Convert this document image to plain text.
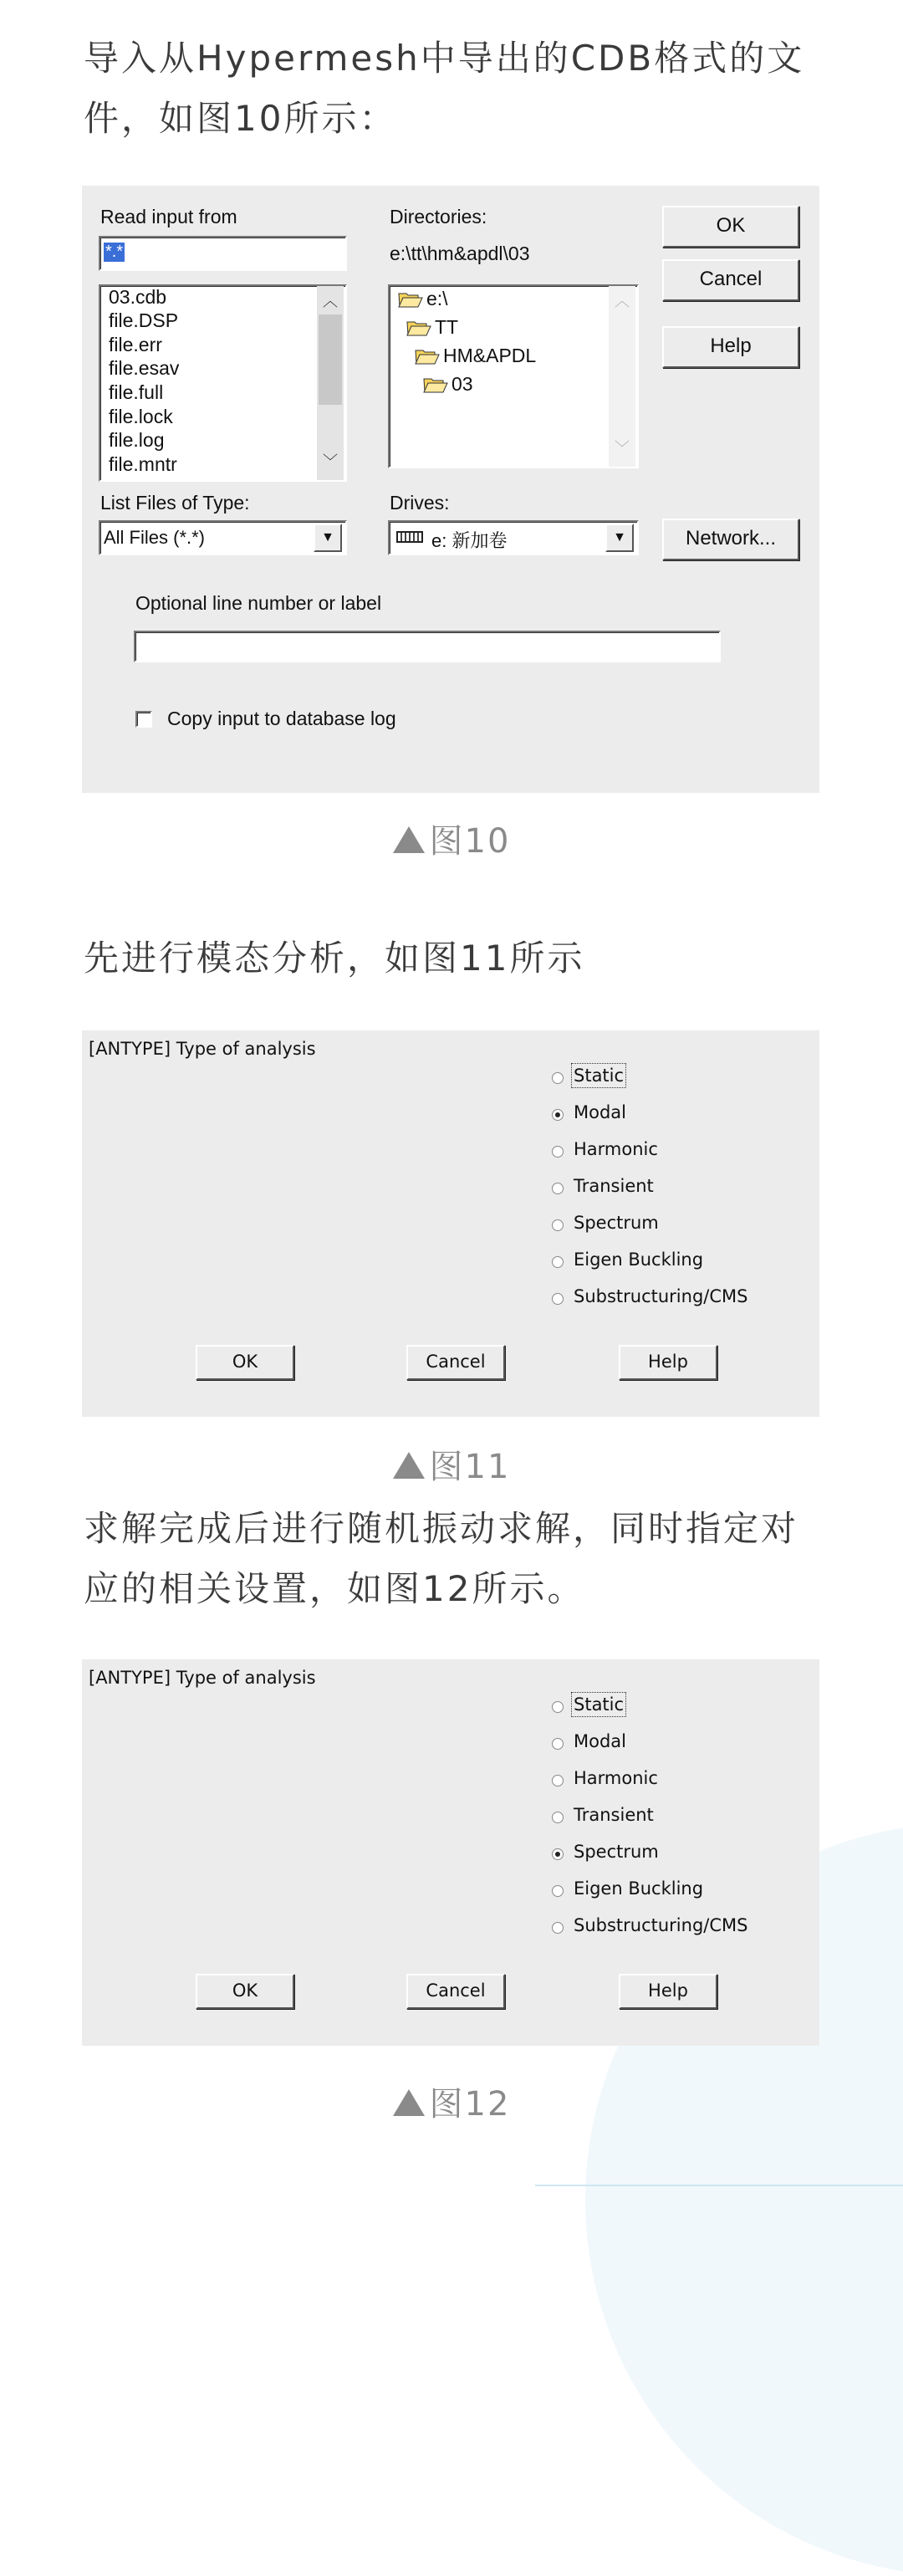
导入从Hypermesh中导出的CDB格式的文件，如图10所示：
Read input from
*.*
Directories:
e:\tt\hm&apdl\03
OK
Cancel
Help
03.cdb
file.DSP
file.err
file.esav
file.full
file.lock
file.log
file.mntr
︿
﹀
e:\
TT
HM&APDL
03
︿
﹀
List Files of Type:
All Files (*.*)	▼
Drives:
e: 新加卷	▼	Network...
Optional line number or label
Copy input to database log
图10
先进行模态分析，如图11所示
[ANTYPE] Type of analysis
Static
Modal
Harmonic
Transient
Spectrum
Eigen Buckling
Substructuring/CMS
OK	Cancel	Help
图11
求解完成后进行随机振动求解，同时指定对应的相关设置，如图12所示。
[ANTYPE] Type of analysis
Static
Modal
Harmonic
Transient
Spectrum
Eigen Buckling
Substructuring/CMS
OK	Cancel	Help
图12
